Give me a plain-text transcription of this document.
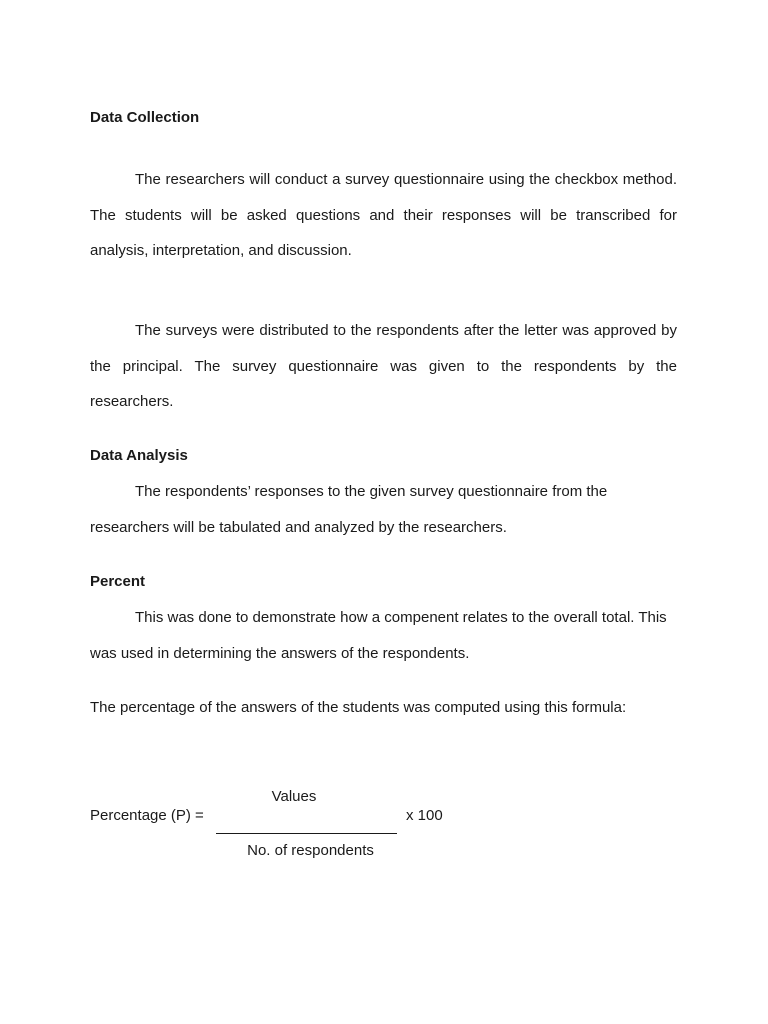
Data Collection

The researchers will conduct a survey questionnaire using the checkbox method. The students will be asked questions and their responses will be transcribed for analysis, interpretation, and discussion.

The surveys were distributed to the respondents after the letter was approved by the principal. The survey questionnaire was given to the respondents by the researchers.

Data Analysis

The respondents’ responses to the given survey questionnaire from the researchers will be tabulated and analyzed by the researchers.

Percent

This was done to demonstrate how a compenent relates to the overall total. This was used in determining the answers of the respondents.

The percentage of the answers of the students was computed using this formula:

Percentage (P) =
Values
No. of respondents
x 100
